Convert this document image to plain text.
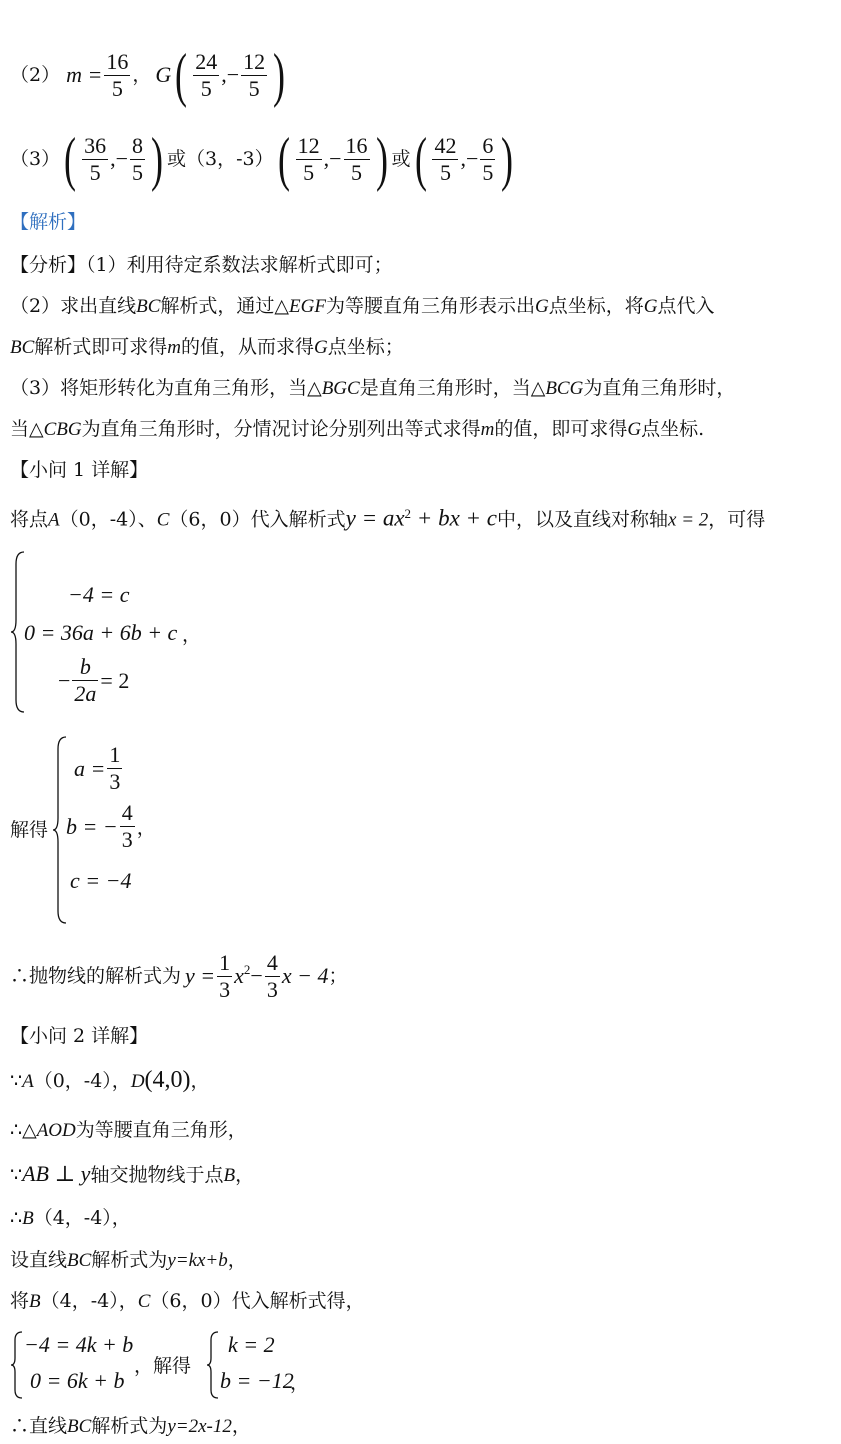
（2） $m = \frac{16}{5}$ ， G ( $\frac{24}{5}$ ,− $\frac{12}{5}$ )
（3） ( $\frac{36}{5}$ ,− $\frac{8}{5}$ ) 或（3，-3） ( $\frac{12}{5}$ ,− $\frac{16}{5}$ ) 或 ( $\frac{42}{5}$ ,− $\frac{6}{5}$ )
【解析】
【分析】（1）利用待定系数法求解析式即可；
（2）求出直线BC解析式，通过△EGF为等腰直角三角形表示出G点坐标，将G点代入
BC解析式即可求得m的值，从而求得G点坐标；
（3）将矩形转化为直角三角形，当△BGC是直角三角形时，当△BCG为直角三角形时，
当△CBG为直角三角形时，分情况讨论分别列出等式求得m的值，即可求得G点坐标.
【小问 1 详解】
将点A（0，-4）、C（6，0）代入解析式$y = ax^2$ + bx + c中，以及直线对称轴x = 2，可得
−4 = c
0 = 36a + 6b + c ，
− $\frac{b}{2a} = 2$
解得
$a = \frac{1}{3}$
b = − $\frac{4}{3}$ ，
c = −4
∴抛物线的解析式为 $y = \frac{1}{3} x^2 - \frac{4}{3}$ x − 4 ；
【小问 2 详解】
∵A（0，-4），D(4,0)，
∴△AOD为等腰直角三角形，
∵AB ⊥ y轴交抛物线于点B，
∴B（4，-4），
设直线BC解析式为y=kx+b，
将B（4，-4），C（6，0）代入解析式得，
−4 = 4k + b
0 = 6k + b
，解得
k = 2
b = −12
，
∴直线BC解析式为y=2x-12，
